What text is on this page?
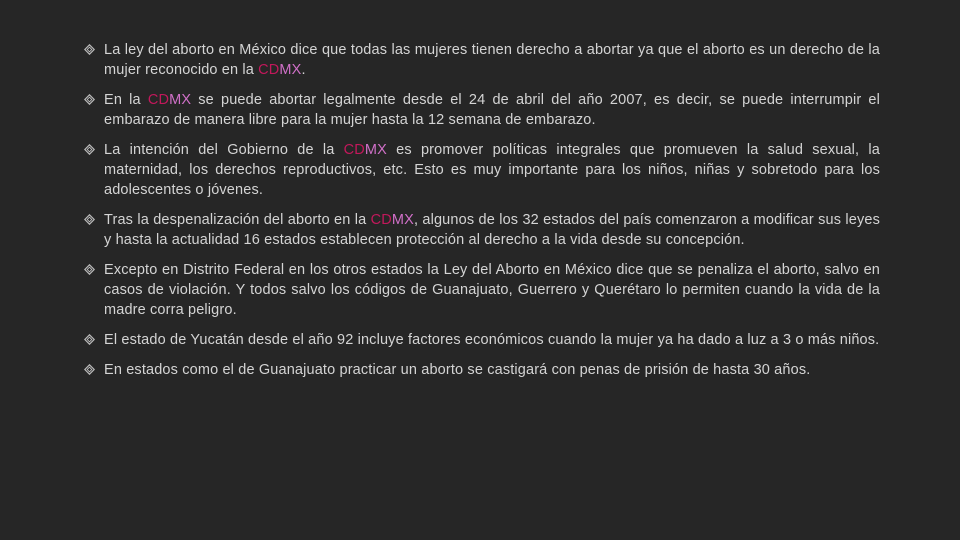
La ley del aborto en México dice que todas las mujeres tienen derecho a abortar ya que el aborto es un derecho de la mujer reconocido en la CDMX.
En la CDMX se puede abortar legalmente desde el 24 de abril del año 2007, es decir, se puede interrumpir el embarazo de manera libre para la mujer hasta la 12 semana de embarazo.
La intención del Gobierno de la CDMX es promover políticas integrales que promueven la salud sexual, la maternidad, los derechos reproductivos, etc. Esto es muy importante para los niños, niñas y sobretodo para los adolescentes o jóvenes.
Tras la despenalización del aborto en la CDMX, algunos de los 32 estados del país comenzaron a modificar sus leyes y hasta la actualidad 16 estados establecen protección al derecho a la vida desde su concepción.
Excepto en Distrito Federal en los otros estados la Ley del Aborto en México dice que se penaliza el aborto, salvo en casos de violación. Y todos salvo los códigos de Guanajuato, Guerrero y Querétaro lo permiten cuando la vida de la madre corra peligro.
El estado de Yucatán desde el año 92 incluye factores económicos cuando la mujer ya ha dado a luz a 3 o más niños.
En estados como el de Guanajuato practicar un aborto se castigará con penas de prisión de hasta 30 años.
